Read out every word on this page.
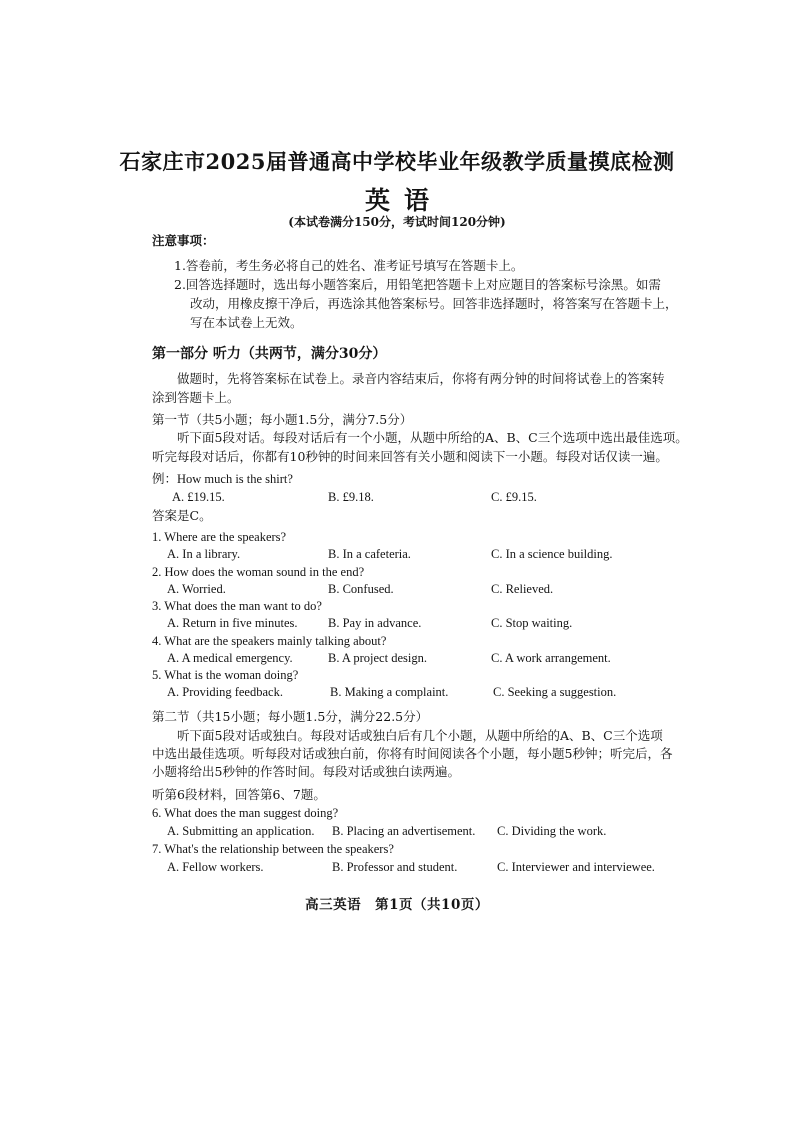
石家庄市2025届普通高中学校毕业年级教学质量摸底检测
英语
(本试卷满分150分，考试时间120分钟)
注意事项：
1.答卷前，考生务必将自己的姓名、准考证号填写在答题卡上。
2.回答选择题时，选出每小题答案后，用铅笔把答题卡上对应题目的答案标号涂黑。如需
改动，用橡皮擦干净后，再选涂其他答案标号。回答非选择题时，将答案写在答题卡上，
写在本试卷上无效。
第一部分 听力（共两节，满分30分）
做题时，先将答案标在试卷上。录音内容结束后，你将有两分钟的时间将试卷上的答案转
涂到答题卡上。
第一节（共5小题；每小题1.5分，满分7.5分）
听下面5段对话。每段对话后有一个小题，从题中所给的A、B、C三个选项中选出最佳选项。
听完每段对话后，你都有10秒钟的时间来回答有关小题和阅读下一小题。每段对话仅读一遍。
例：How much is the shirt?
A. £19.15.	B. £9.18.	C. £9.15.
答案是C。
1. Where are the speakers?
A. In a library.	B. In a cafeteria.	C. In a science building.
2. How does the woman sound in the end?
A. Worried.	B. Confused.	C. Relieved.
3. What does the man want to do?
A. Return in five minutes. B. Pay in advance.	C. Stop waiting.
4. What are the speakers mainly talking about?
A. A medical emergency.	B. A project design.	C. A work arrangement.
5. What is the woman doing?
A. Providing feedback.	B. Making a complaint.	C. Seeking a suggestion.
第二节（共15小题；每小题1.5分，满分22.5分）
听下面5段对话或独白。每段对话或独白后有几个小题，从题中所给的A、B、C三个选项
中选出最佳选项。听每段对话或独白前，你将有时间阅读各个小题，每小题5秒钟；听完后，各
小题将给出5秒钟的作答时间。每段对话或独白读两遍。
听第6段材料，回答第6、7题。
6. What does the man suggest doing?
A. Submitting an application. B. Placing an advertisement. C. Dividing the work.
7. What's the relationship between the speakers?
A. Fellow workers.	B. Professor and student.	C. Interviewer and interviewee.
高三英语　第1页（共10页）
